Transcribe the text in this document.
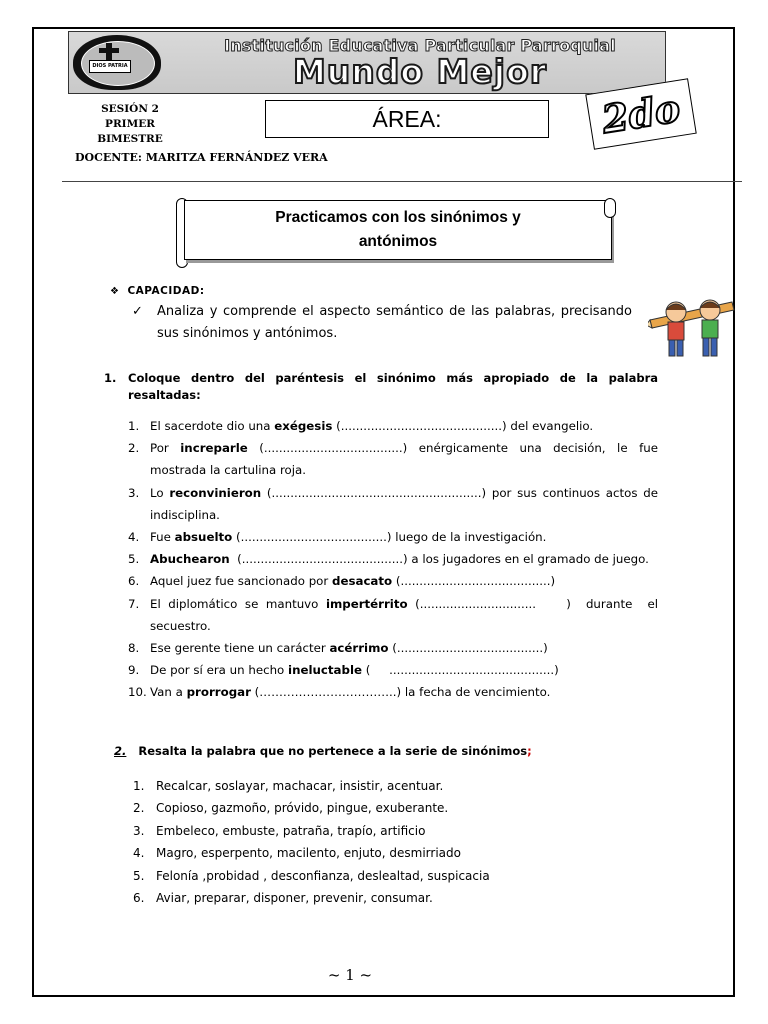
DIOS PATRIA
Institución Educativa Particular Parroquial
Mundo Mejor
SESIÓN 2
PRIMER BIMESTRE
ÁREA:	2do
DOCENTE: MARITZA FERNÁNDEZ VERA
Practicamos con los sinónimos y
antónimos
❖ CAPACIDAD:
✓	Analiza y comprende el aspecto semántico de las palabras, precisando sus sinónimos y antónimos.
1.	Coloque dentro del paréntesis el sinónimo más apropiado de la palabra resaltadas:
1. El sacerdote dio una exégesis (...........................................) del evangelio.
2. Por increparle (.....................................) enérgicamente una decisión, le fue mostrada la cartulina roja.
3. Lo reconvinieron (........................................................) por sus continuos actos de indisciplina.
4. Fue absuelto (.......................................) luego de la investigación.
5. Abuchearon  (...........................................) a los jugadores en el gramado de juego.
6. Aquel juez fue sancionado por desacato (........................................)
7. El diplomático se mantuvo impertérrito (...............................    )  durante  el secuestro.
8. Ese gerente tiene un carácter acérrimo (.......................................)
9. De por sí era un hecho ineluctable (     ............................................)
10. Van a prorrogar (……………………………..) la fecha de vencimiento.
2. Resalta la palabra que no pertenece a la serie de sinónimos;
1. Recalcar, soslayar, machacar, insistir, acentuar.
2. Copioso, gazmoño, próvido, pingue, exuberante.
3. Embeleco, embuste, patraña, trapío, artificio
4. Magro, esperpento, macilento, enjuto, desmirriado
5. Felonía ,probidad , desconfianza, deslealtad, suspicacia
6. Aviar, preparar, disponer, prevenir, consumar.
~ 1 ~
